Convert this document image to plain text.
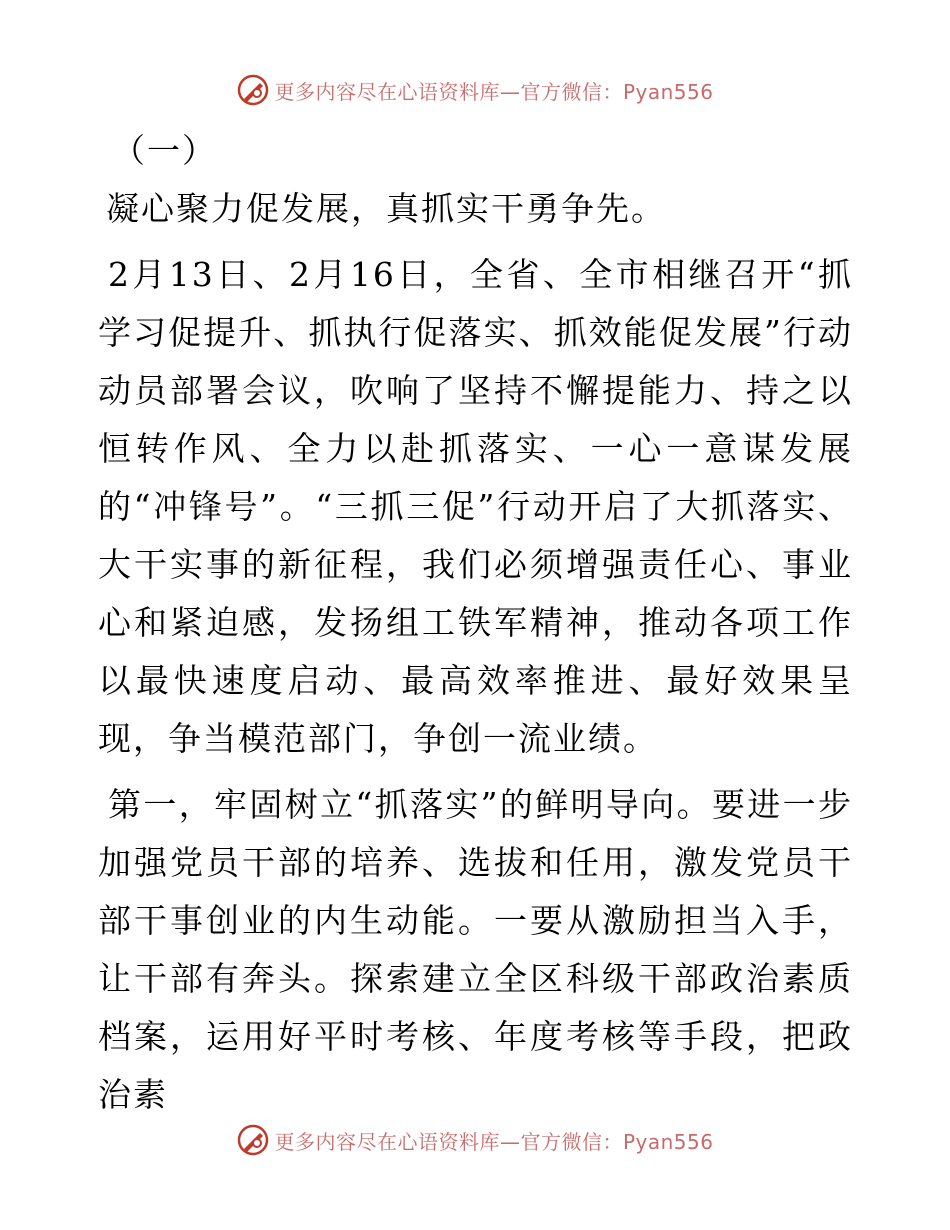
更多内容尽在心语资料库—官方微信：Pyan556

（一）

凝心聚力促发展，真抓实干勇争先。

2月13日、2月16日，全省、全市相继召开“抓学习促提升、抓执行促落实、抓效能促发展”行动动员部署会议，吹响了坚持不懈提能力、持之以恒转作风、全力以赴抓落实、一心一意谋发展的“冲锋号”。“三抓三促”行动开启了大抓落实、大干实事的新征程，我们必须增强责任心、事业心和紧迫感，发扬组工铁军精神，推动各项工作以最快速度启动、最高效率推进、最好效果呈现，争当模范部门，争创一流业绩。

第一，牢固树立“抓落实”的鲜明导向。要进一步加强党员干部的培养、选拔和任用，激发党员干部干事创业的内生动能。一要从激励担当入手，让干部有奔头。探索建立全区科级干部政治素质档案，运用好平时考核、年度考核等手段，把政治素

更多内容尽在心语资料库—官方微信：Pyan556
